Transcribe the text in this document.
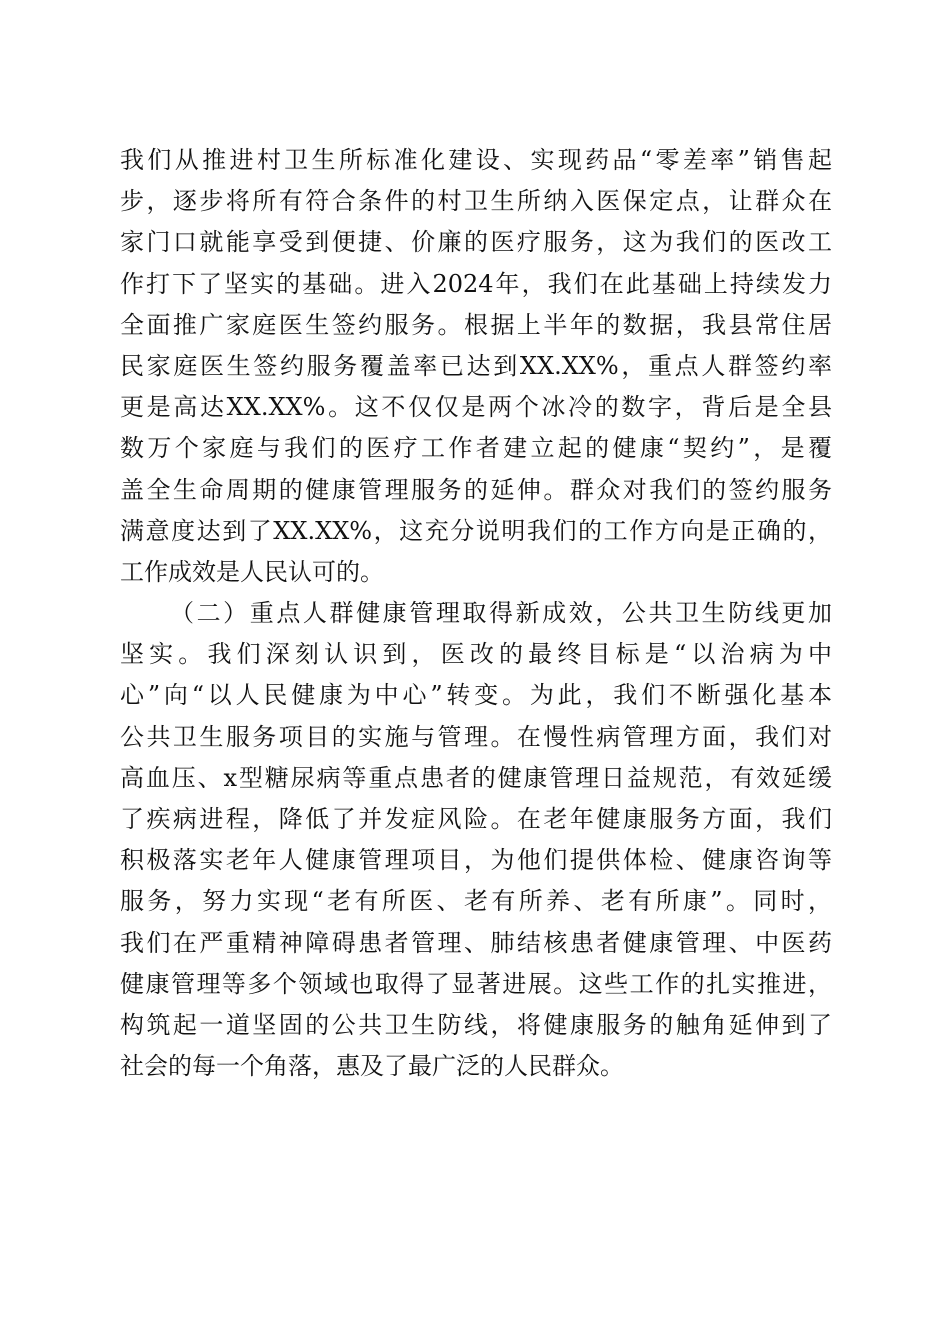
我们从推进村卫生所标准化建设、实现药品“零差率”销售起
步，逐步将所有符合条件的村卫生所纳入医保定点，让群众在
家门口就能享受到便捷、价廉的医疗服务，这为我们的医改工
作打下了坚实的基础。进入2024年，我们在此基础上持续发力
全面推广家庭医生签约服务。根据上半年的数据，我县常住居
民家庭医生签约服务覆盖率已达到XX.XX%，重点人群签约率
更是高达XX.XX%。这不仅仅是两个冰冷的数字，背后是全县
数万个家庭与我们的医疗工作者建立起的健康“契约”，是覆
盖全生命周期的健康管理服务的延伸。群众对我们的签约服务
满意度达到了XX.XX%，这充分说明我们的工作方向是正确的，
工作成效是人民认可的。
（二）重点人群健康管理取得新成效，公共卫生防线更加
坚实。我们深刻认识到，医改的最终目标是“以治病为中
心”向“以人民健康为中心”转变。为此，我们不断强化基本
公共卫生服务项目的实施与管理。在慢性病管理方面，我们对
高血压、x型糖尿病等重点患者的健康管理日益规范，有效延缓
了疾病进程，降低了并发症风险。在老年健康服务方面，我们
积极落实老年人健康管理项目，为他们提供体检、健康咨询等
服务，努力实现“老有所医、老有所养、老有所康”。同时，
我们在严重精神障碍患者管理、肺结核患者健康管理、中医药
健康管理等多个领域也取得了显著进展。这些工作的扎实推进，
构筑起一道坚固的公共卫生防线，将健康服务的触角延伸到了
社会的每一个角落，惠及了最广泛的人民群众。
